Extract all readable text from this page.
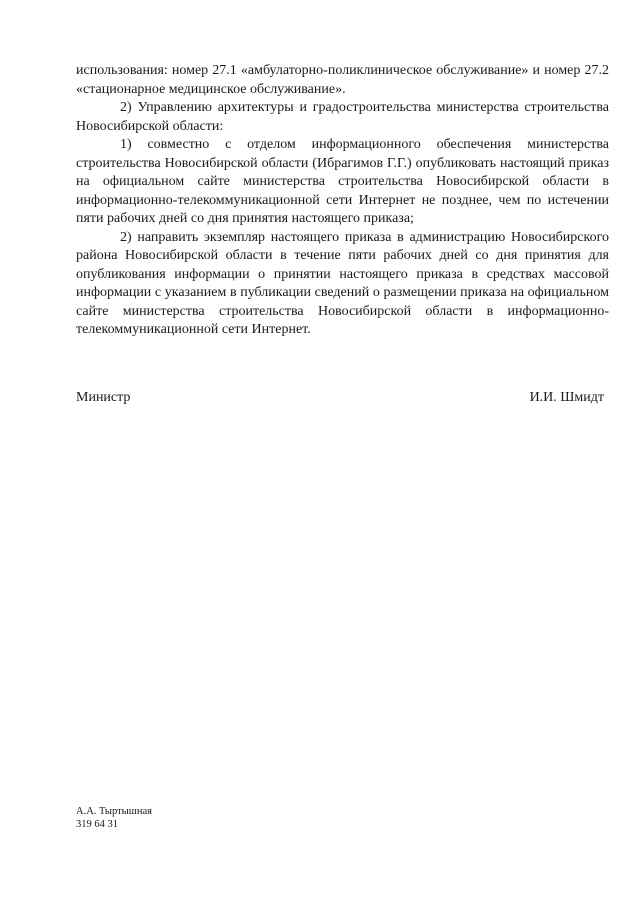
использования: номер 27.1 «амбулаторно-поликлиническое обслуживание» и номер 27.2 «стационарное медицинское обслуживание».

2) Управлению архитектуры и градостроительства министерства строительства Новосибирской области:

1) совместно с отделом информационного обеспечения министерства строительства Новосибирской области (Ибрагимов Г.Г.) опубликовать настоящий приказ на официальном сайте министерства строительства Новосибирской области в информационно-телекоммуникационной сети Интернет не позднее, чем по истечении пяти рабочих дней со дня принятия настоящего приказа;

2) направить экземпляр настоящего приказа в администрацию Новосибирского района Новосибирской области в течение пяти рабочих дней со дня принятия для опубликования информации о принятии настоящего приказа в средствах массовой информации с указанием в публикации сведений о размещении приказа на официальном сайте министерства строительства Новосибирской области в информационно-телекоммуникационной сети Интернет.

Министр	И.И. Шмидт
А.А. Тыртышная
319 64 31
